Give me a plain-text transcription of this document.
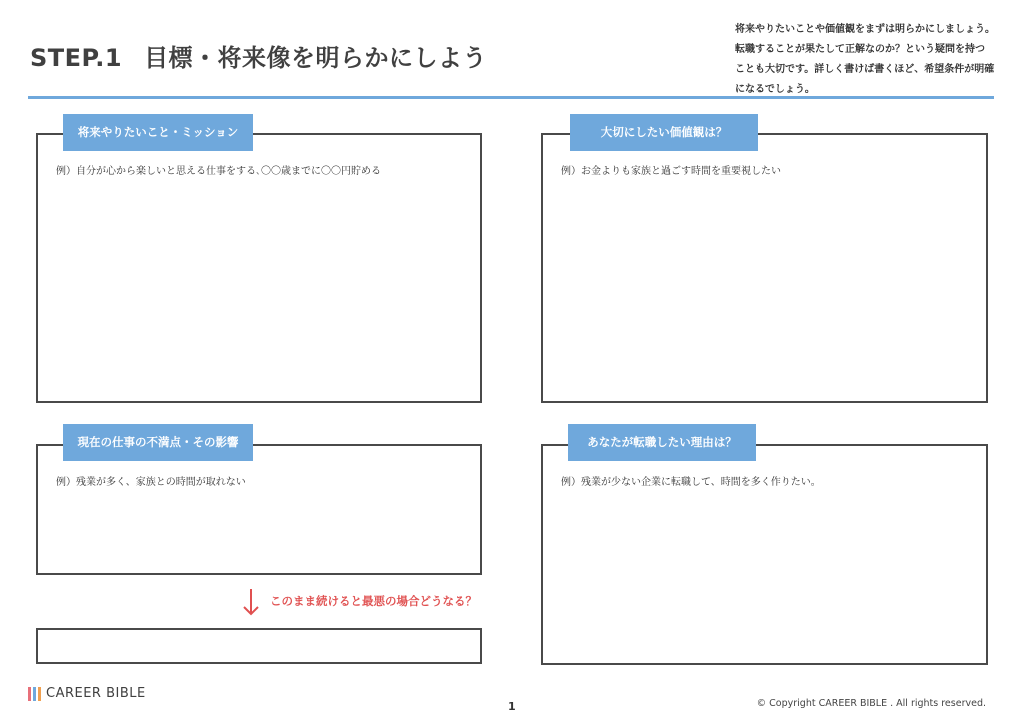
STEP.1 目標・将来像を明らかにしよう
将来やりたいことや価値観をまずは明らかにしましょう。
転職することが果たして正解なのか？という疑問を持つ
ことも大切です。詳しく書けば書くほど、希望条件が明確
になるでしょう。
将来やりたいこと・ミッション
例）自分が心から楽しいと思える仕事をする､〇〇歳までに〇〇円貯める
大切にしたい価値観は？
例）お金よりも家族と過ごす時間を重要視したい
現在の仕事の不満点・その影響
例）残業が多く、家族との時間が取れない
このまま続けると最悪の場合どうなる？
あなたが転職したい理由は？
例）残業が少ない企業に転職して、時間を多く作りたい。
CAREER BIBLE
1	© Copyright CAREER BIBLE . All rights reserved.
